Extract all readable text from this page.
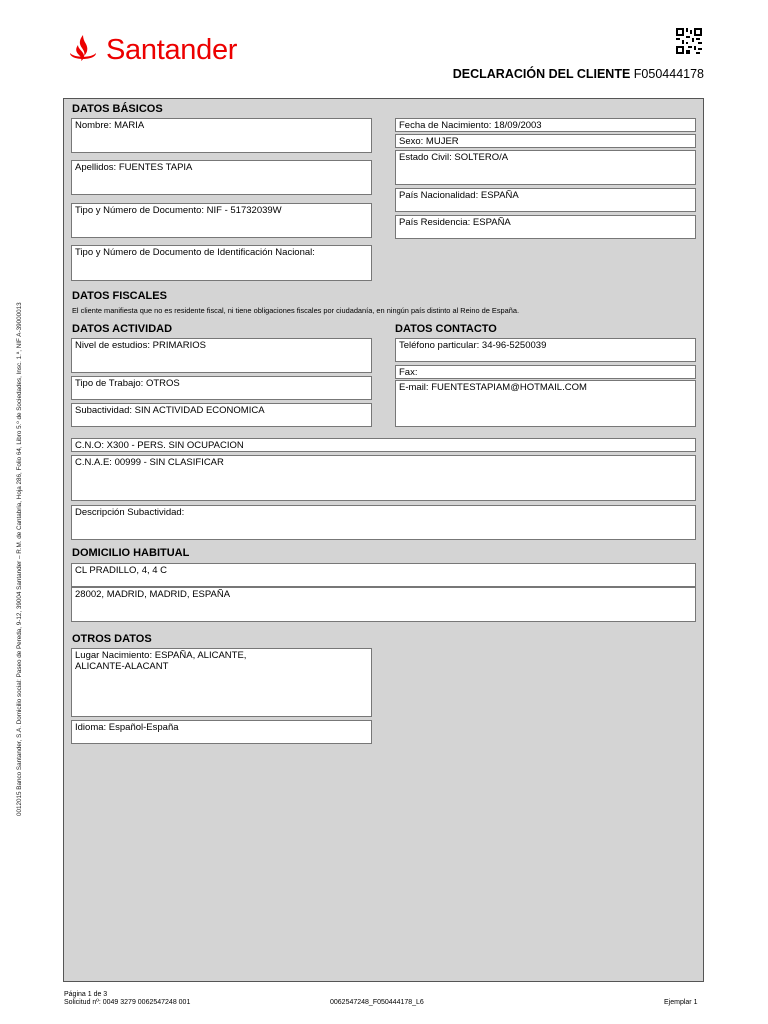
Santander
DECLARACIÓN DEL CLIENTE F050444178
0012015 Banco Santander, S.A. Domicilio social: Paseo de Pereda, 9-12, 39004 Santander – R.M. de Cantabria, Hoja 286, Folio 64, Libro 5.º de Sociedades, Insc. 1.ª, NIF A-39000013
DATOS BÁSICOS
Nombre: MARIA
Apellidos: FUENTES TAPIA
Tipo y Número de Documento: NIF - 51732039W
Tipo y Número de Documento de Identificación Nacional:
Fecha de Nacimiento: 18/09/2003
Sexo: MUJER
Estado Civil: SOLTERO/A
País Nacionalidad: ESPAÑA
País Residencia: ESPAÑA
DATOS FISCALES
El cliente manifiesta que no es residente fiscal, ni tiene obligaciones fiscales por ciudadanía, en ningún país distinto al Reino de España.
DATOS ACTIVIDAD	DATOS CONTACTO
Nivel de estudios: PRIMARIOS
Tipo de Trabajo: OTROS
Subactividad: SIN ACTIVIDAD ECONOMICA
Teléfono particular: 34-96-5250039
Fax:
E-mail: FUENTESTAPIAM@HOTMAIL.COM
C.N.O: X300 - PERS. SIN OCUPACION
C.N.A.E: 00999 - SIN CLASIFICAR
Descripción Subactividad:
DOMICILIO HABITUAL
CL PRADILLO, 4, 4 C
28002, MADRID, MADRID, ESPAÑA
OTROS DATOS
Lugar Nacimiento: ESPAÑA, ALICANTE, ALICANTE-ALACANT
Idioma: Español-España
Página 1 de 3
Solicitud nº: 0049 3279 0062547248 001	0062547248_F050444178_L6	Ejemplar 1
